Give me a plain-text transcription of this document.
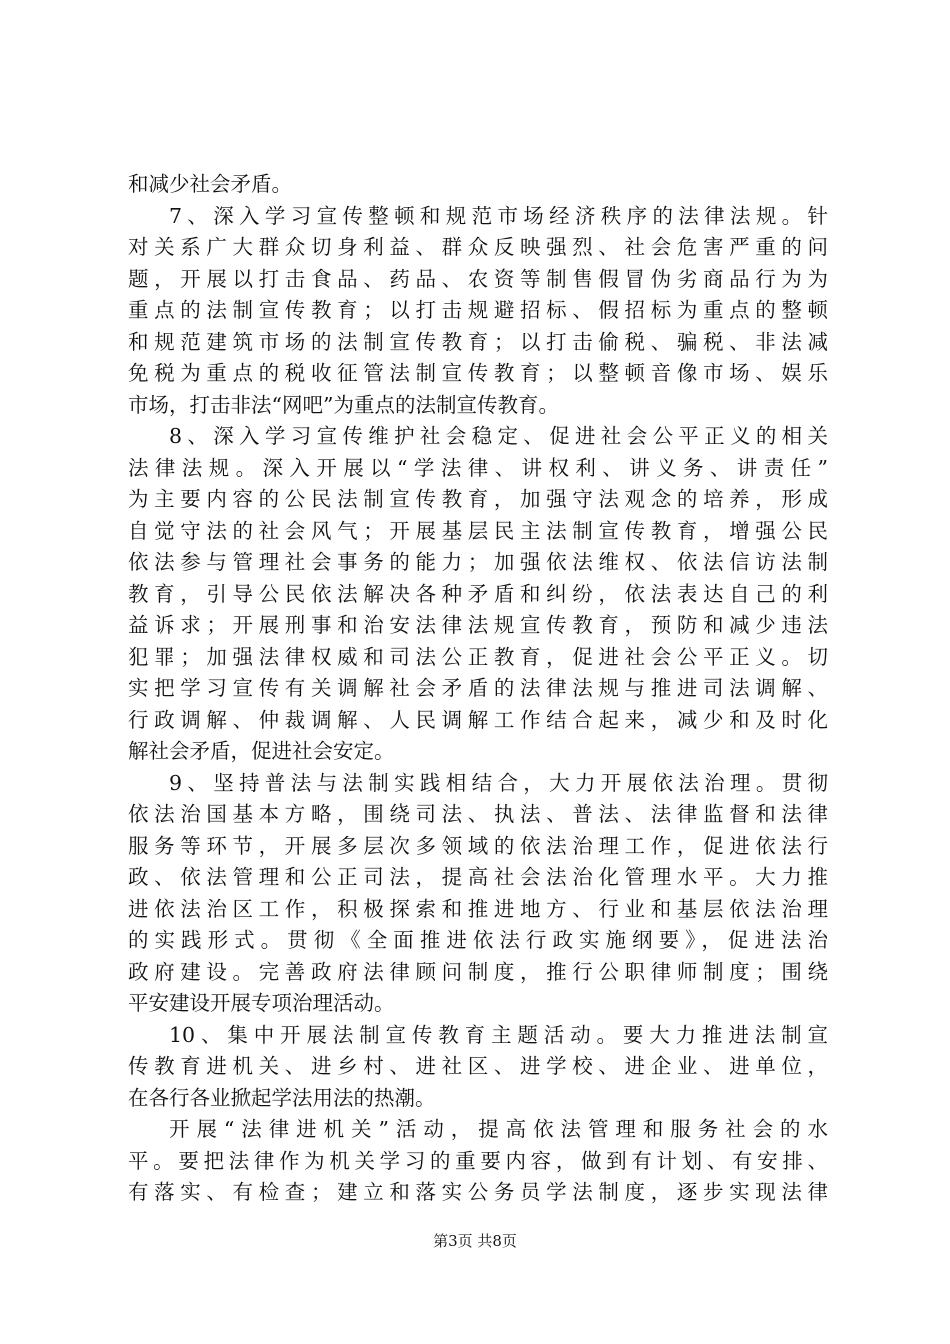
和减少社会矛盾。
7、深入学习宣传整顿和规范市场经济秩序的法律法规。针
对关系广大群众切身利益、群众反映强烈、社会危害严重的问
题，开展以打击食品、药品、农资等制售假冒伪劣商品行为为
重点的法制宣传教育；以打击规避招标、假招标为重点的整顿
和规范建筑市场的法制宣传教育；以打击偷税、骗税、非法减
免税为重点的税收征管法制宣传教育；以整顿音像市场、娱乐
市场，打击非法“网吧”为重点的法制宣传教育。
8、深入学习宣传维护社会稳定、促进社会公平正义的相关
法律法规。深入开展以“学法律、讲权利、讲义务、讲责任”
为主要内容的公民法制宣传教育，加强守法观念的培养，形成
自觉守法的社会风气；开展基层民主法制宣传教育，增强公民
依法参与管理社会事务的能力；加强依法维权、依法信访法制
教育，引导公民依法解决各种矛盾和纠纷，依法表达自己的利
益诉求；开展刑事和治安法律法规宣传教育，预防和减少违法
犯罪；加强法律权威和司法公正教育，促进社会公平正义。切
实把学习宣传有关调解社会矛盾的法律法规与推进司法调解、
行政调解、仲裁调解、人民调解工作结合起来，减少和及时化
解社会矛盾，促进社会安定。
9、坚持普法与法制实践相结合，大力开展依法治理。贯彻
依法治国基本方略，围绕司法、执法、普法、法律监督和法律
服务等环节，开展多层次多领域的依法治理工作，促进依法行
政、依法管理和公正司法，提高社会法治化管理水平。大力推
进依法治区工作，积极探索和推进地方、行业和基层依法治理
的实践形式。贯彻《全面推进依法行政实施纲要》，促进法治
政府建设。完善政府法律顾问制度，推行公职律师制度；围绕
平安建设开展专项治理活动。
10、集中开展法制宣传教育主题活动。要大力推进法制宣
传教育进机关、进乡村、进社区、进学校、进企业、进单位，
在各行各业掀起学法用法的热潮。
开展“法律进机关”活动，提高依法管理和服务社会的水
平。要把法律作为机关学习的重要内容，做到有计划、有安排、
有落实、有检查；建立和落实公务员学法制度，逐步实现法律
第3页 共8页
